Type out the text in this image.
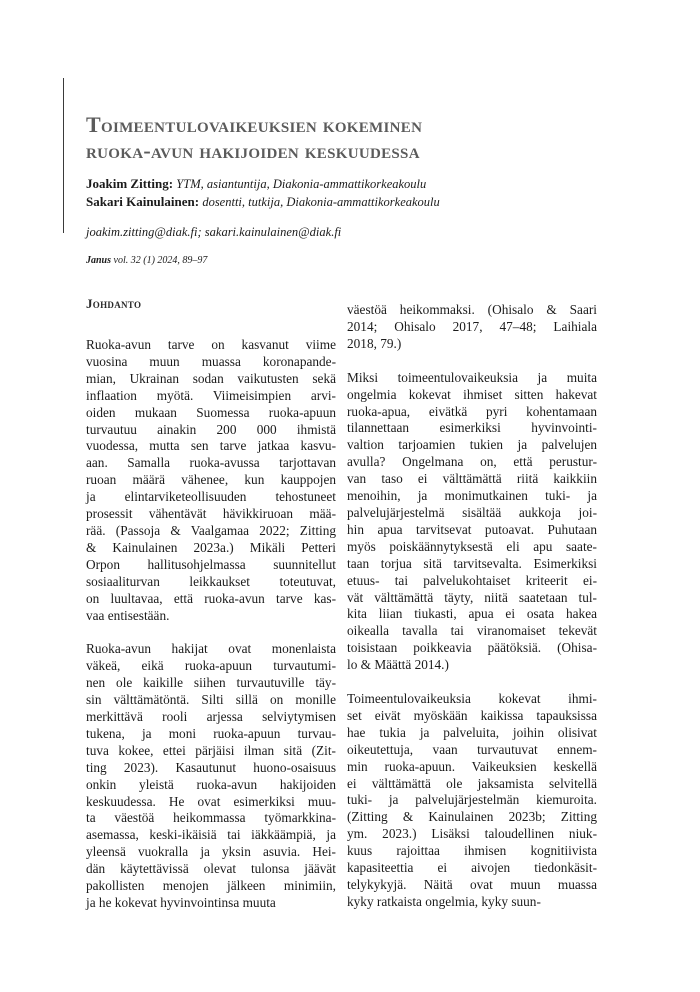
Toimeentulovaikeuksien kokeminen
ruoka-avun hakijoiden keskuudessa
Joakim Zitting: YTM, asiantuntija, Diakonia-ammattikorkeakoulu
Sakari Kainulainen: dosentti, tutkija, Diakonia-ammattikorkeakoulu
joakim.zitting@diak.fi; sakari.kainulainen@diak.fi
Janus vol. 32 (1) 2024, 89–97
Johdanto

Ruoka-avun tarve on kasvanut viime
vuosina muun muassa koronapande-
mian, Ukrainan sodan vaikutusten sekä
inflaation myötä. Viimeisimpien arvi-
oiden mukaan Suomessa ruoka-apuun
turvautuu ainakin 200 000 ihmistä
vuodessa, mutta sen tarve jatkaa kasvu-
aan. Samalla ruoka-avussa tarjottavan
ruoan määrä vähenee, kun kauppojen
ja elintarviketeollisuuden tehostuneet
prosessit vähentävät hävikkiruoan mää-
rää. (Passoja & Vaalgamaa 2022; Zitting
& Kainulainen 2023a.) Mikäli Petteri
Orpon hallitusohjelmassa suunnitellut
sosiaaliturvan leikkaukset toteutuvat,
on luultavaa, että ruoka-avun tarve kas-
vaa entisestään.

Ruoka-avun hakijat ovat monenlaista
väkeä, eikä ruoka-apuun turvautumi-
nen ole kaikille siihen turvautuville täy-
sin välttämätöntä. Silti sillä on monille
merkittävä rooli arjessa selviytymisen
tukena, ja moni ruoka-apuun turvau-
tuva kokee, ettei pärjäisi ilman sitä (Zit-
ting 2023). Kasautunut huono-osaisuus
onkin yleistä ruoka-avun hakijoiden
keskuudessa. He ovat esimerkiksi muu-
ta väestöä heikommassa työmarkkina-
asemassa, keski-ikäisiä tai iäkkäämpiä, ja
yleensä vuokralla ja yksin asuvia. Hei-
dän käytettävissä olevat tulonsa jäävät
pakollisten menojen jälkeen minimiin,
ja he kokevat hyvinvointinsa muuta

väestöä heikommaksi. (Ohisalo & Saari
2014; Ohisalo 2017, 47–48; Laihiala
2018, 79.)

Miksi toimeentulovaikeuksia ja muita
ongelmia kokevat ihmiset sitten hakevat
ruoka-apua, eivätkä pyri kohentamaan
tilannettaan esimerkiksi hyvinvointi-
valtion tarjoamien tukien ja palvelujen
avulla? Ongelmana on, että perustur-
van taso ei välttämättä riitä kaikkiin
menoihin, ja monimutkainen tuki- ja
palvelujärjestelmä sisältää aukkoja joi-
hin apua tarvitsevat putoavat. Puhutaan
myös poiskäännytyksestä eli apu saate-
taan torjua sitä tarvitsevalta. Esimerkiksi
etuus- tai palvelukohtaiset kriteerit ei-
vät välttämättä täyty, niitä saatetaan tul-
kita liian tiukasti, apua ei osata hakea
oikealla tavalla tai viranomaiset tekevät
toisistaan poikkeavia päätöksiä. (Ohisa-
lo & Määttä 2014.)

Toimeentulovaikeuksia kokevat ihmi-
set eivät myöskään kaikissa tapauksissa
hae tukia ja palveluita, joihin olisivat
oikeutettuja, vaan turvautuvat ennem-
min ruoka-apuun. Vaikeuksien keskellä
ei välttämättä ole jaksamista selvitellä
tuki- ja palvelujärjestelmän kiemuroita.
(Zitting & Kainulainen 2023b; Zitting
ym. 2023.) Lisäksi taloudellinen niuk-
kuus rajoittaa ihmisen kognitiivista
kapasiteettia ei aivojen tiedonkäsit-
telykykyjä. Näitä ovat muun muassa
kyky ratkaista ongelmia, kyky suun-
